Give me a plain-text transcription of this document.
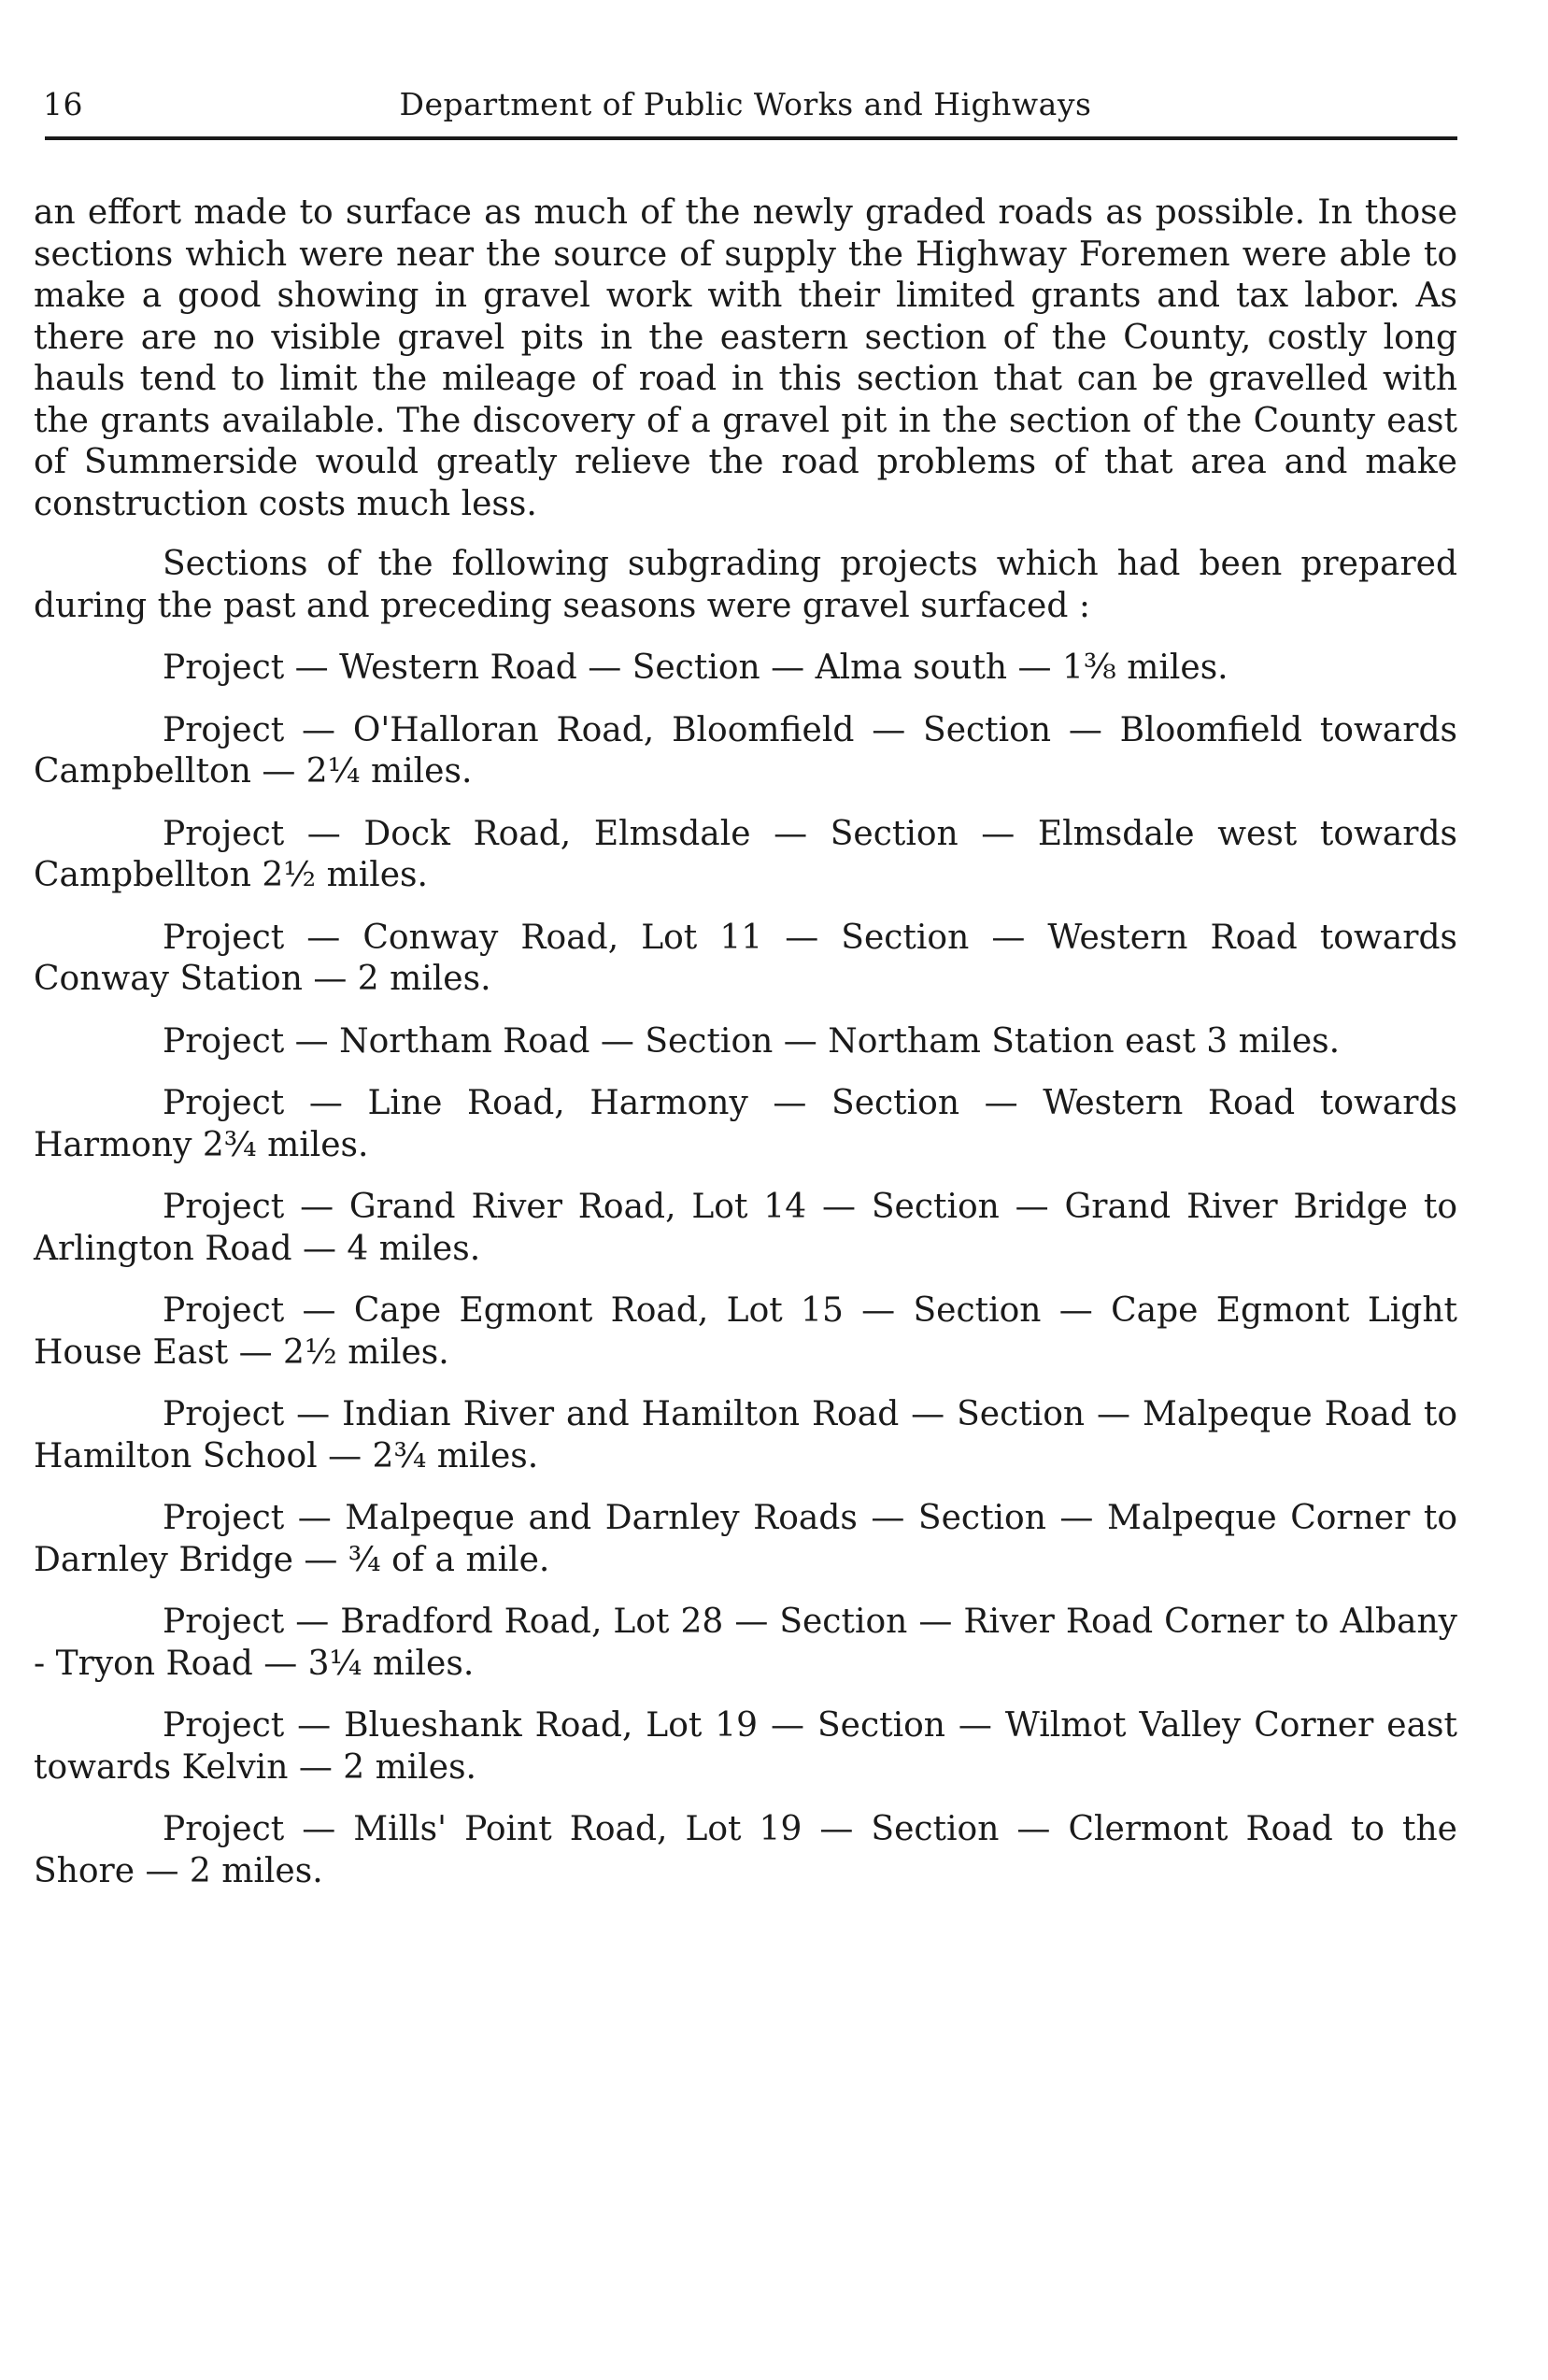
16	Department of Public Works and Highways

an effort made to surface as much of the newly graded roads as possible. In those sections which were near the source of supply the Highway Foremen were able to make a good showing in gravel work with their limited grants and tax labor. As there are no visible gravel pits in the eastern section of the County, costly long hauls tend to limit the mileage of road in this section that can be gravelled with the grants available. The discovery of a gravel pit in the section of the County east of Summerside would greatly relieve the road problems of that area and make construction costs much less.

Sections of the following subgrading projects which had been prepared during the past and preceding seasons were gravel surfaced :

Project — Western Road — Section — Alma south — 1⅜ miles.

Project — O'Halloran Road, Bloomfield — Section — Bloomfield towards Campbellton — 2¼ miles.

Project — Dock Road, Elmsdale — Section — Elmsdale west towards Campbellton 2½ miles.

Project — Conway Road, Lot 11 — Section — Western Road towards Conway Station — 2 miles.

Project — Northam Road — Section — Northam Station east 3 miles.

Project — Line Road, Harmony — Section — Western Road towards Harmony 2¾ miles.

Project — Grand River Road, Lot 14 — Section — Grand River Bridge to Arlington Road — 4 miles.

Project — Cape Egmont Road, Lot 15 — Section — Cape Egmont Light House East — 2½ miles.

Project — Indian River and Hamilton Road — Section — Malpeque Road to Hamilton School — 2¾ miles.

Project — Malpeque and Darnley Roads — Section — Malpeque Corner to Darnley Bridge — ¾ of a mile.

Project — Bradford Road, Lot 28 — Section — River Road Corner to Albany - Tryon Road — 3¼ miles.

Project — Blueshank Road, Lot 19 — Section — Wilmot Valley Corner east towards Kelvin — 2 miles.

Project — Mills' Point Road, Lot 19 — Section — Clermont Road to the Shore — 2 miles.
